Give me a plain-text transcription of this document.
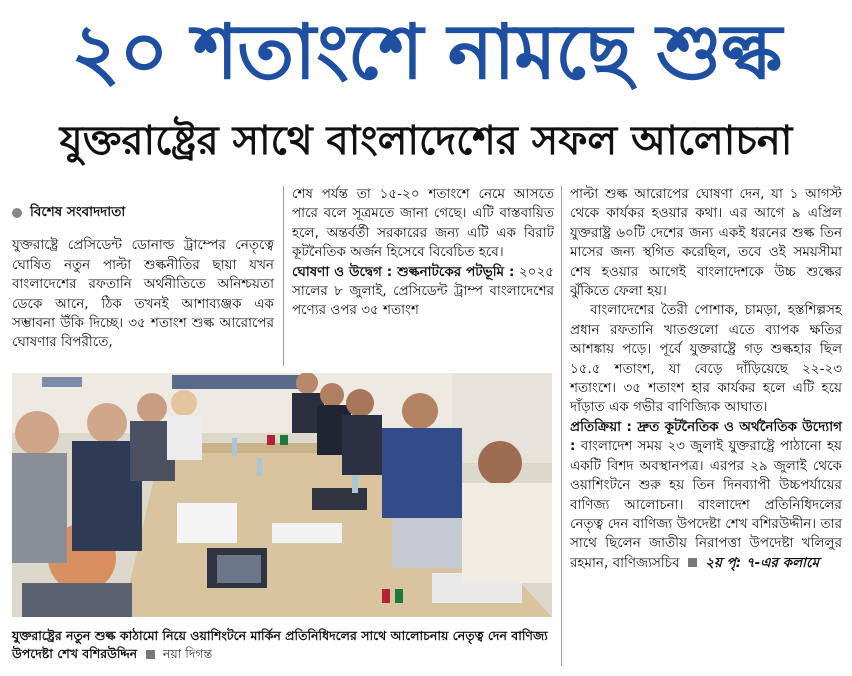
২০ শতাংশে নামছে শুল্ক
যুক্তরাষ্ট্রের সাথে বাংলাদেশের সফল আলোচনা
বিশেষ সংবাদদাতা

যুক্তরাষ্ট্রে প্রেসিডেন্ট ডোনাল্ড ট্রাম্পের নেতৃত্বে ঘোষিত নতুন পাল্টা শুল্কনীতির ছায়া যখন বাংলাদেশের রফতানি অর্থনীতিতে অনিশ্চয়তা ডেকে আনে, ঠিক তখনই আশাব্যঞ্জক এক সম্ভাবনা উঁকি দিচ্ছে। ৩৫ শতাংশ শুল্ক আরোপের ঘোষণার বিপরীতে,

শেষ পর্যন্ত তা ১৫-২০ শতাংশে নেমে আসতে পারে বলে সূত্রমতে জানা গেছে। এটি বাস্তবায়িত হলে, অন্তর্বর্তী সরকারের জন্য এটি এক বিরাট কূটনৈতিক অর্জন হিসেবে বিবেচিত হবে।

ঘোষণা ও উদ্বেগ : শুল্কনাটকের পটভূমি : ২০২৫ সালের ৮ জুলাই, প্রেসিডেন্ট ট্রাম্প বাংলাদেশের পণ্যের ওপর ৩৫ শতাংশ

পাল্টা শুল্ক আরোপের ঘোষণা দেন, যা ১ আগস্ট থেকে কার্যকর হওয়ার কথা। এর আগে ৯ এপ্রিল যুক্তরাষ্ট্র ৬০টি দেশের জন্য একই ধরনের শুল্ক তিন মাসের জন্য স্থগিত করেছিল, তবে ওই সময়সীমা শেষ হওয়ার আগেই বাংলাদেশকে উচ্চ শুল্কের ঝুঁকিতে ফেলা হয়।

বাংলাদেশের তৈরী পোশাক, চামড়া, হস্তশিল্পসহ প্রধান রফতানি খাতগুলো এতে ব্যাপক ক্ষতির আশঙ্কায় পড়ে। পূর্বে যুক্তরাষ্ট্রে গড় শুল্কহার ছিল ১৫.৫ শতাংশ, যা বেড়ে দাঁড়িয়েছে ২২-২৩ শতাংশে। ৩৫ শতাংশ হার কার্যকর হলে এটি হয়ে দাঁড়াত এক গভীর বাণিজ্যিক আঘাত।

প্রতিক্রিয়া : দ্রুত কূটনৈতিক ও অর্থনৈতিক উদ্যোগ : বাংলাদেশ সময় ২৩ জুলাই যুক্তরাষ্ট্রে পাঠানো হয় একটি বিশদ অবস্থানপত্র। এরপর ২৯ জুলাই থেকে ওয়াশিংটনে শুরু হয় তিন দিনব্যাপী উচ্চপর্যায়ের বাণিজ্য আলোচনা। বাংলাদেশ প্রতিনিধিদলের নেতৃত্ব দেন বাণিজ্য উপদেষ্টা শেখ বশিরউদ্দীন। তার সাথে ছিলেন জাতীয় নিরাপত্তা উপদেষ্টা খলিলুর রহমান, বাণিজ্যসচিব ২য় পৃ: ৭-এর কলামে

যুক্তরাষ্ট্রের নতুন শুল্ক কাঠামো নিয়ে ওয়াশিংটনে মার্কিন প্রতিনিধিদলের সাথে আলোচনায় নেতৃত্ব দেন বাণিজ্য উপদেষ্টা শেখ বশিরউদ্দিন নয়া দিগন্ত
